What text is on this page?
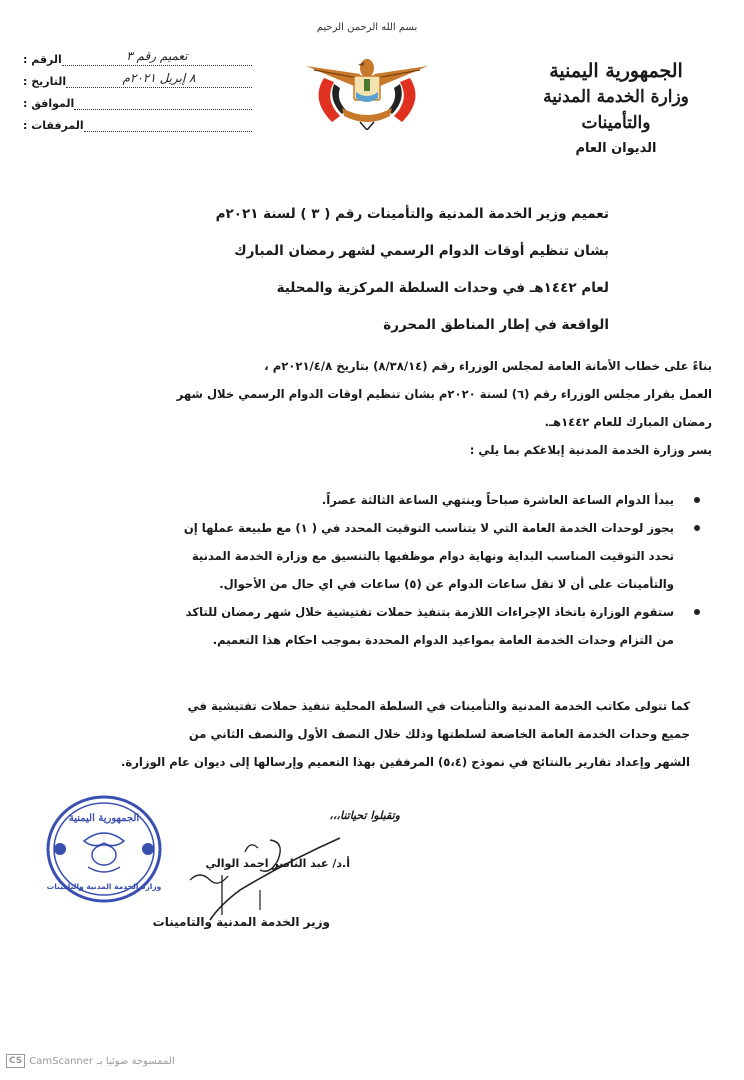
الجمهورية اليمنية
وزارة الخدمة المدنية والتأمينات
الديوان العام
بسم الله الرحمن الرحيم
الرقم :	تعميم رقم ٣
التاريخ :	٨ إبريل ٢٠٢١م
الموافق :
المرفقات :
تعميم وزير الخدمة المدنية والتأمينات رقم ( ٣ ) لسنة ٢٠٢١م
بشان تنظيم أوقات الدوام الرسمي لشهر رمضان المبارك
لعام ١٤٤٢هـ في وحدات السلطة المركزية والمحلية
الواقعة في إطار المناطق المحررة
بناءً على خطاب الأمانة العامة لمجلس الوزراء رقم (٨/٣٨/١٤) بتاريخ ٢٠٢١/٤/٨م ،
العمل بقرار مجلس الوزراء رقم (٦) لسنة ٢٠٢٠م بشان تنظيم اوقات الدوام الرسمي خلال شهر
رمضان المبارك للعام ١٤٤٢هـ.
يسر وزارة الخدمة المدنية إبلاغكم بما يلي :
يبدأ الدوام الساعة العاشرة صباحاً وينتهي الساعة الثالثة عصراً.
يجوز لوحدات الخدمة العامة التي لا يتناسب التوقيت المحدد في ( ١) مع طبيعة عملها إن
تحدد التوقيت المناسب البداية ونهاية دوام موظفيها بالتنسيق مع وزارة الخدمة المدنية
والتأمينات على أن لا تقل ساعات الدوام عن (٥) ساعات في اي حال من الأحوال.
ستقوم الوزارة باتخاذ الإجراءات اللازمة بتنفيذ حملات تفتيشية خلال شهر رمضان للتاكد
من التزام وحدات الخدمة العامة بمواعيد الدوام المحددة بموجب احكام هذا التعميم.
كما تتولى مكاتب الخدمة المدنية والتأمينات في السلطة المحلية تنفيذ حملات تفتيشية في
جميع وحدات الخدمة العامة الخاضعة لسلطتها وذلك خلال النصف الأول والنصف الثاني من
الشهر وإعداد تقارير بالنتائج في نموذج (٥،٤) المرفقين بهذا التعميم وإرسالها إلى ديوان عام الوزارة.
وتقبلوا تحياتنا،،،
الجمهورية اليمنية
وزارة الخدمة المدنية والتامينات
أ.د/ عبد الناصر احمد الوالي
وزير الخدمة المدنية والتامينات
CS CamScanner الممسوحة ضوئيا بـ
